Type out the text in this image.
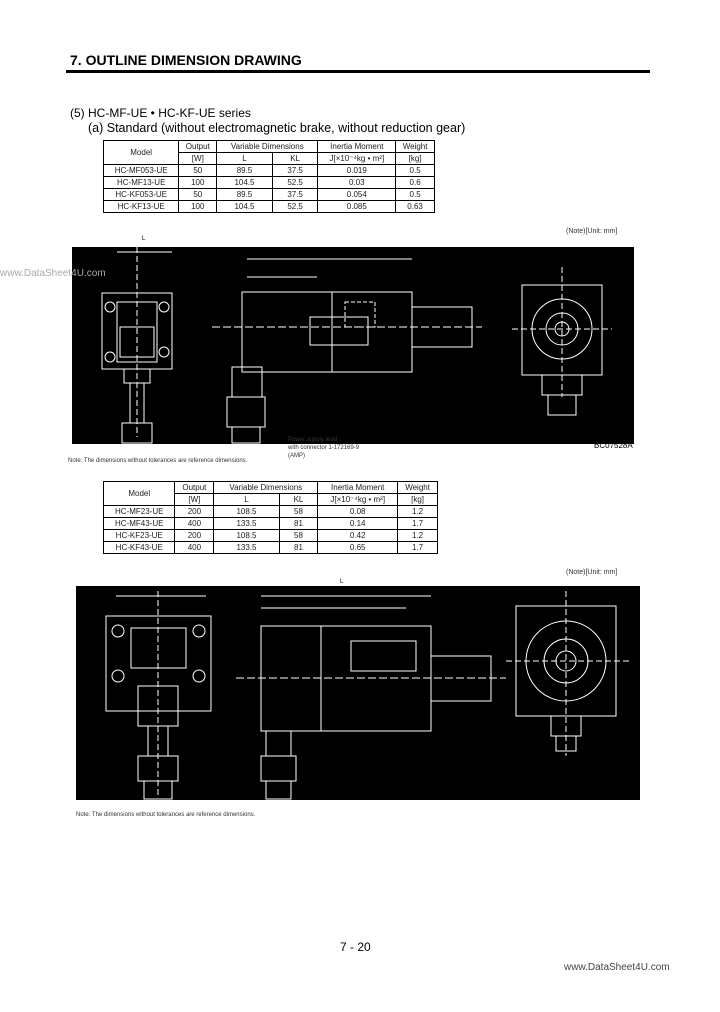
7. OUTLINE DIMENSION DRAWING
(5) HC-MF-UE • HC-KF-UE series
(a) Standard (without electromagnetic brake, without reduction gear)
Model	Output	Variable Dimensions		Inertia Moment	Weight
	[W]	L	KL	J[×10⁻⁴kg • m²]	[kg]
HC-MF053-UE	50	89.5	37.5	0.019	0.5
HC-MF13-UE	100	104.5	52.5	0.03	0.6
HC-KF053-UE	50	89.5	37.5	0.054	0.5
HC-KF13-UE	100	104.5	52.5	0.085	0.63
(Note)[Unit: mm]
L
www.DataSheet4U.com
Power supply lead
with connector 1-172169-9
(AMP)
BC07528A
Note: The dimensions without tolerances are reference dimensions.
Model	Output	Variable Dimensions		Inertia Moment	Weight
	[W]	L	KL	J[×10⁻⁴kg • m²]	[kg]
HC-MF23-UE	200	108.5	58	0.08	1.2
HC-MF43-UE	400	133.5	81	0.14	1.7
HC-KF23-UE	200	108.5	58	0.42	1.2
HC-KF43-UE	400	133.5	81	0.65	1.7
(Note)[Unit: mm]
L
Note: The dimensions without tolerances are reference dimensions.
7 - 20
www.DataSheet4U.com
